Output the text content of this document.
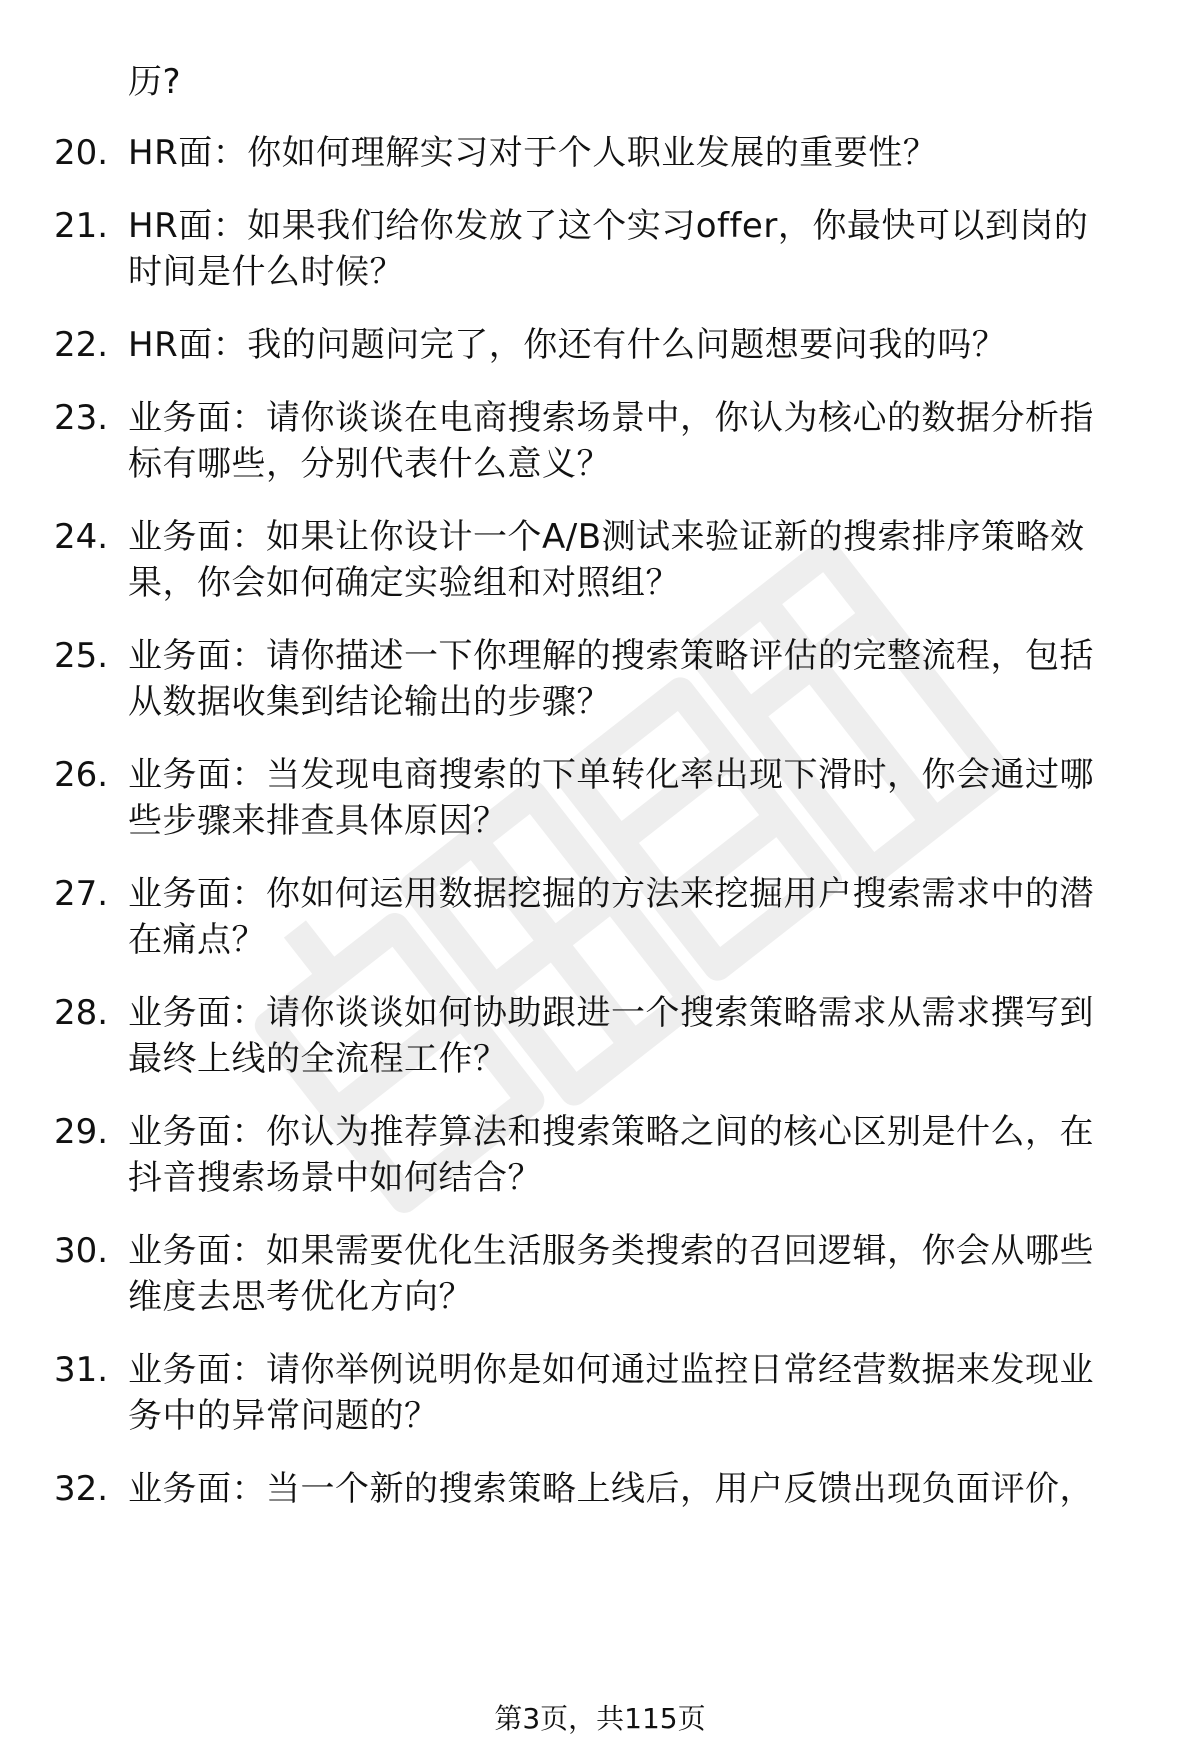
历?
20. HR面：你如何理解实习对于个人职业发展的重要性？
21. HR面：如果我们给你发放了这个实习offer，你最快可以到岗的
时间是什么时候？
22. HR面：我的问题问完了，你还有什么问题想要问我的吗？
23. 业务面：请你谈谈在电商搜索场景中，你认为核心的数据分析指
标有哪些，分别代表什么意义？
24. 业务面：如果让你设计一个A/B测试来验证新的搜索排序策略效
果，你会如何确定实验组和对照组？
25. 业务面：请你描述一下你理解的搜索策略评估的完整流程，包括
从数据收集到结论输出的步骤？
26. 业务面：当发现电商搜索的下单转化率出现下滑时，你会通过哪
些步骤来排查具体原因？
27. 业务面：你如何运用数据挖掘的方法来挖掘用户搜索需求中的潜
在痛点？
28. 业务面：请你谈谈如何协助跟进一个搜索策略需求从需求撰写到
最终上线的全流程工作？
29. 业务面：你认为推荐算法和搜索策略之间的核心区别是什么，在
抖音搜索场景中如何结合？
30. 业务面：如果需要优化生活服务类搜索的召回逻辑，你会从哪些
维度去思考优化方向？
31. 业务面：请你举例说明你是如何通过监控日常经营数据来发现业
务中的异常问题的？
32. 业务面：当一个新的搜索策略上线后，用户反馈出现负面评价，
第3页，共115页
